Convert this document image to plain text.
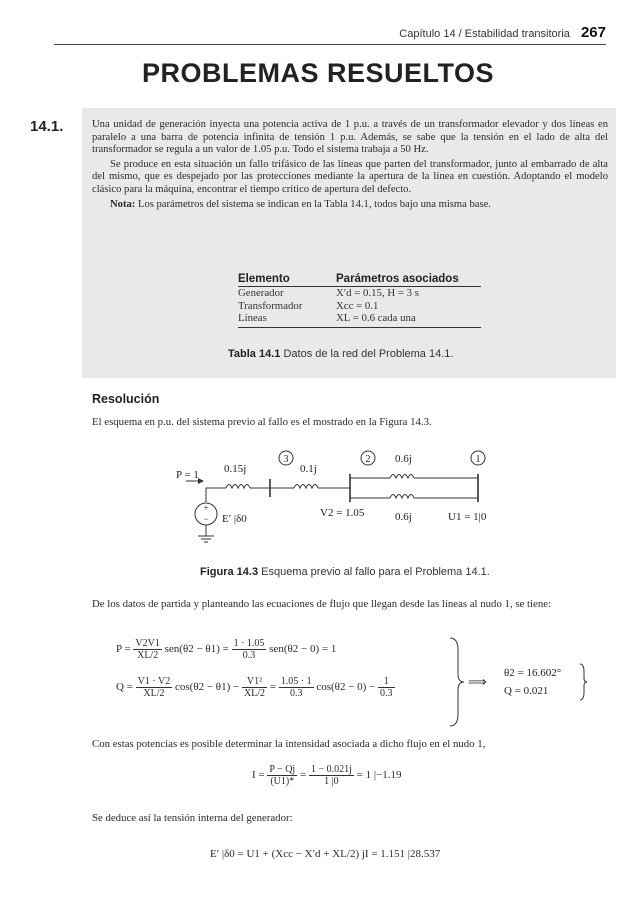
Capítulo 14 / Estabilidad transitoria 267
PROBLEMAS RESUELTOS
14.1.	Una unidad de generación inyecta una potencia activa de 1 p.u. a través de un transformador elevador y dos líneas en paralelo a una barra de potencia infinita de tensión 1 p.u. Además, se sabe que la tensión en el lado de alta del transformador se regula a un valor de 1.05 p.u. Todo el sistema trabaja a 50 Hz.
Se produce en esta situación un fallo trifásico de las líneas que parten del transformador, junto al embarrado de alta del mismo, que es despejado por las protecciones mediante la apertura de la línea en cuestión. Adoptando el modelo clásico para la máquina, encontrar el tiempo crítico de apertura del defecto.
Nota: Los parámetros del sistema se indican en la Tabla 14.1, todos bajo una misma base.
Elemento	Parámetros asociados
Generador	X′d = 0.15, H = 3 s
Transformador	Xcc = 0.1
Líneas	XL = 0.6 cada una
Tabla 14.1 Datos de la red del Problema 14.1.
Resolución
El esquema en p.u. del sistema previo al fallo es el mostrado en la Figura 14.3.
P = 1 0.15j	0.1j
0.6j
0.6j
3	2	1
+
− E′ |δ0	V2 = 1.05	U1 = 1|0
Figura 14.3 Esquema previo al fallo para el Problema 14.1.
De los datos de partida y planteando las ecuaciones de flujo que llegan desde las líneas al nudo 1, se tiene:
$P = \frac{V2V1}{XL/2} sen(\theta 2 - \theta 1) = \frac{1 \cdot 1.05}{0.3} sen(\theta 2 - 0) = 1$
$Q = \frac{V1 \cdot V2}{XL/2} \cos(\theta 2 - \theta 1) - \frac{\text{V1²}}{XL/2} = \frac{1.05 \cdot 1}{0.3} \cos(\theta 2 - 0) - \frac{1}{0.3}$	⟹
θ2 = 16.602°
Q = 0.021
Con estas potencias es posible determinar la intensidad asociada a dicho flujo en el nudo 1,
$I = \frac{P - Qj}{(U1)*} = \frac{1 - 0.021j}{1 |0} = 1$ |−1.19
Se deduce así la tensión interna del generador:
E′ |δ0 = U1 + (Xcc − X′d + XL/2) jI = 1.151 |28.537
